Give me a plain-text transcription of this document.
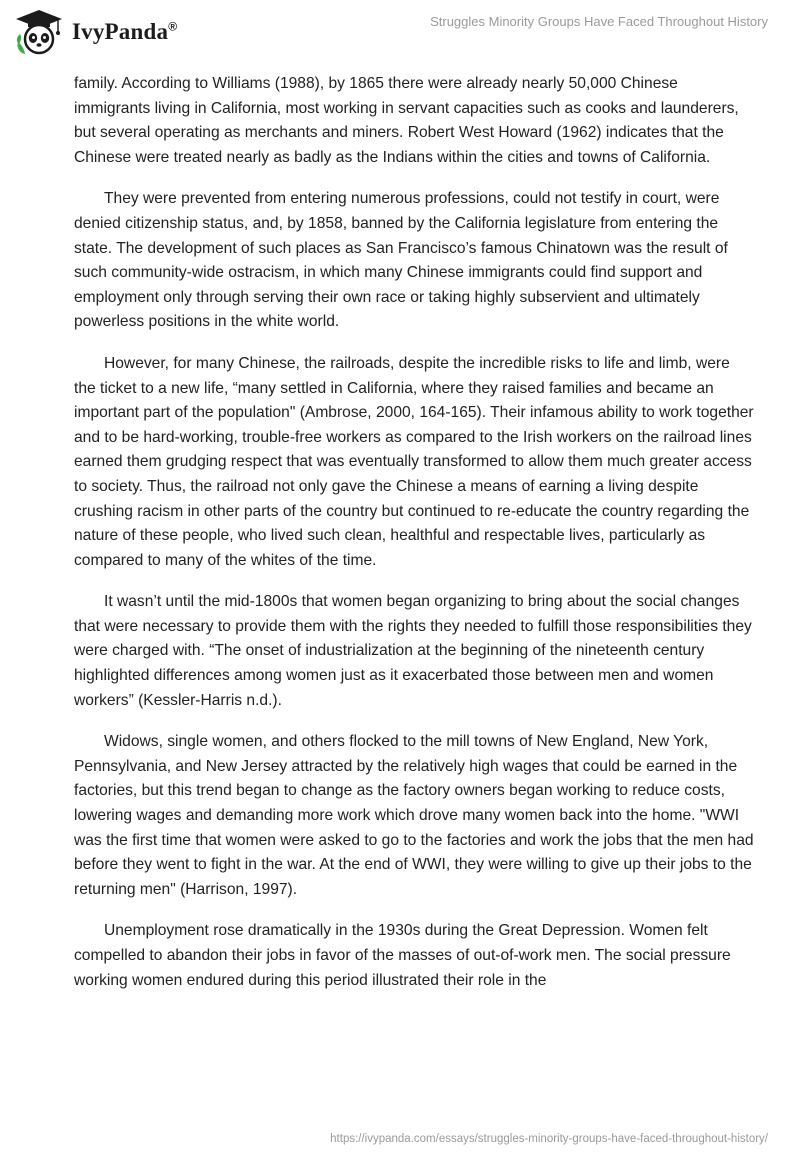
IvyPanda®	Struggles Minority Groups Have Faced Throughout History

family. According to Williams (1988), by 1865 there were already nearly 50,000 Chinese immigrants living in California, most working in servant capacities such as cooks and launderers, but several operating as merchants and miners. Robert West Howard (1962) indicates that the Chinese were treated nearly as badly as the Indians within the cities and towns of California.

They were prevented from entering numerous professions, could not testify in court, were denied citizenship status, and, by 1858, banned by the California legislature from entering the state. The development of such places as San Francisco’s famous Chinatown was the result of such community-wide ostracism, in which many Chinese immigrants could find support and employment only through serving their own race or taking highly subservient and ultimately powerless positions in the white world.

However, for many Chinese, the railroads, despite the incredible risks to life and limb, were the ticket to a new life, “many settled in California, where they raised families and became an important part of the population" (Ambrose, 2000, 164-165). Their infamous ability to work together and to be hard-working, trouble-free workers as compared to the Irish workers on the railroad lines earned them grudging respect that was eventually transformed to allow them much greater access to society. Thus, the railroad not only gave the Chinese a means of earning a living despite crushing racism in other parts of the country but continued to re-educate the country regarding the nature of these people, who lived such clean, healthful and respectable lives, particularly as compared to many of the whites of the time.

It wasn’t until the mid-1800s that women began organizing to bring about the social changes that were necessary to provide them with the rights they needed to fulfill those responsibilities they were charged with. “The onset of industrialization at the beginning of the nineteenth century highlighted differences among women just as it exacerbated those between men and women workers” (Kessler-Harris n.d.).

Widows, single women, and others flocked to the mill towns of New England, New York, Pennsylvania, and New Jersey attracted by the relatively high wages that could be earned in the factories, but this trend began to change as the factory owners began working to reduce costs, lowering wages and demanding more work which drove many women back into the home. "WWI was the first time that women were asked to go to the factories and work the jobs that the men had before they went to fight in the war. At the end of WWI, they were willing to give up their jobs to the returning men" (Harrison, 1997).

Unemployment rose dramatically in the 1930s during the Great Depression. Women felt compelled to abandon their jobs in favor of the masses of out-of-work men. The social pressure working women endured during this period illustrated their role in the

https://ivypanda.com/essays/struggles-minority-groups-have-faced-throughout-history/
